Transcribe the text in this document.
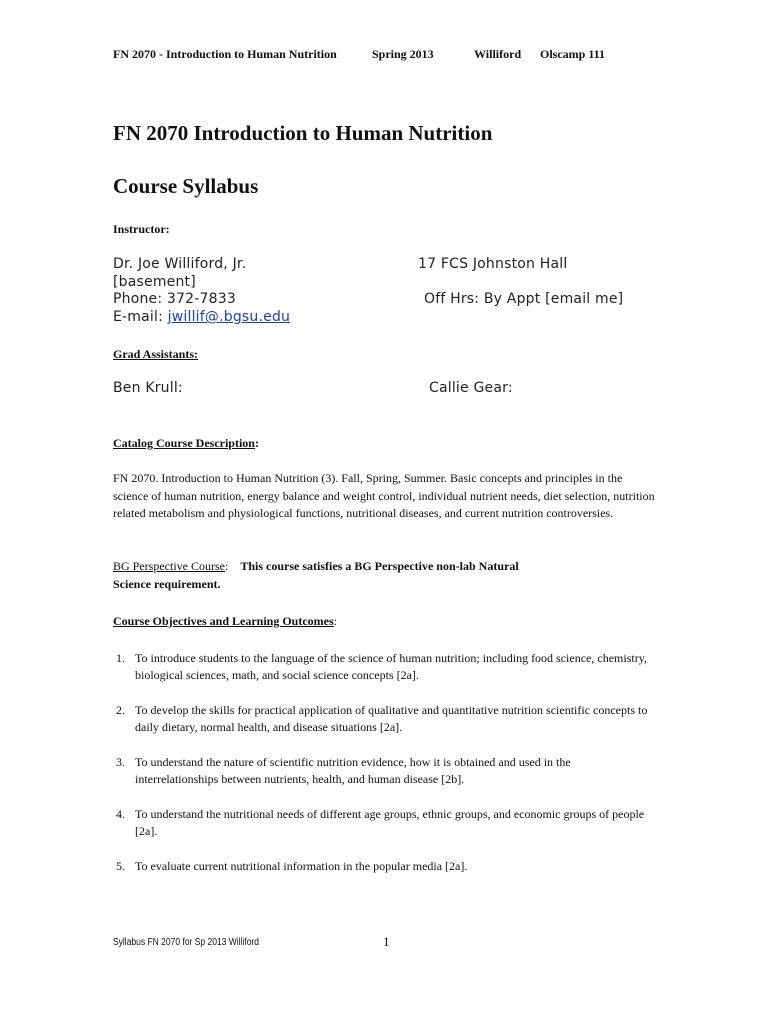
FN 2070 - Introduction to Human Nutrition	Spring 2013	Williford Olscamp 111
FN 2070 Introduction to Human Nutrition
Course Syllabus
Instructor:
Dr. Joe Williford, Jr.	17 FCS Johnston Hall
[basement]
Phone: 372-7833	Off Hrs: By Appt [email me]
E-mail: jwillif@.bgsu.edu
Grad Assistants:
Ben Krull:	Callie Gear:
Catalog Course Description:
FN 2070. Introduction to Human Nutrition (3). Fall, Spring, Summer. Basic concepts and principles in the science of human nutrition, energy balance and weight control, individual nutrient needs, diet selection, nutrition related metabolism and physiological functions, nutritional diseases, and current nutrition controversies.
BG Perspective Course: This course satisfies a BG Perspective non-lab Natural Science requirement.
Course Objectives and Learning Outcomes:
1. To introduce students to the language of the science of human nutrition; including food science, chemistry, biological sciences, math, and social science concepts [2a].
2. To develop the skills for practical application of qualitative and quantitative nutrition scientific concepts to daily dietary, normal health, and disease situations [2a].
3. To understand the nature of scientific nutrition evidence, how it is obtained and used in the interrelationships between nutrients, health, and human disease [2b].
4. To understand the nutritional needs of different age groups, ethnic groups, and economic groups of people [2a].
5. To evaluate current nutritional information in the popular media [2a].
Syllabus FN 2070 for Sp 2013 Williford	1
